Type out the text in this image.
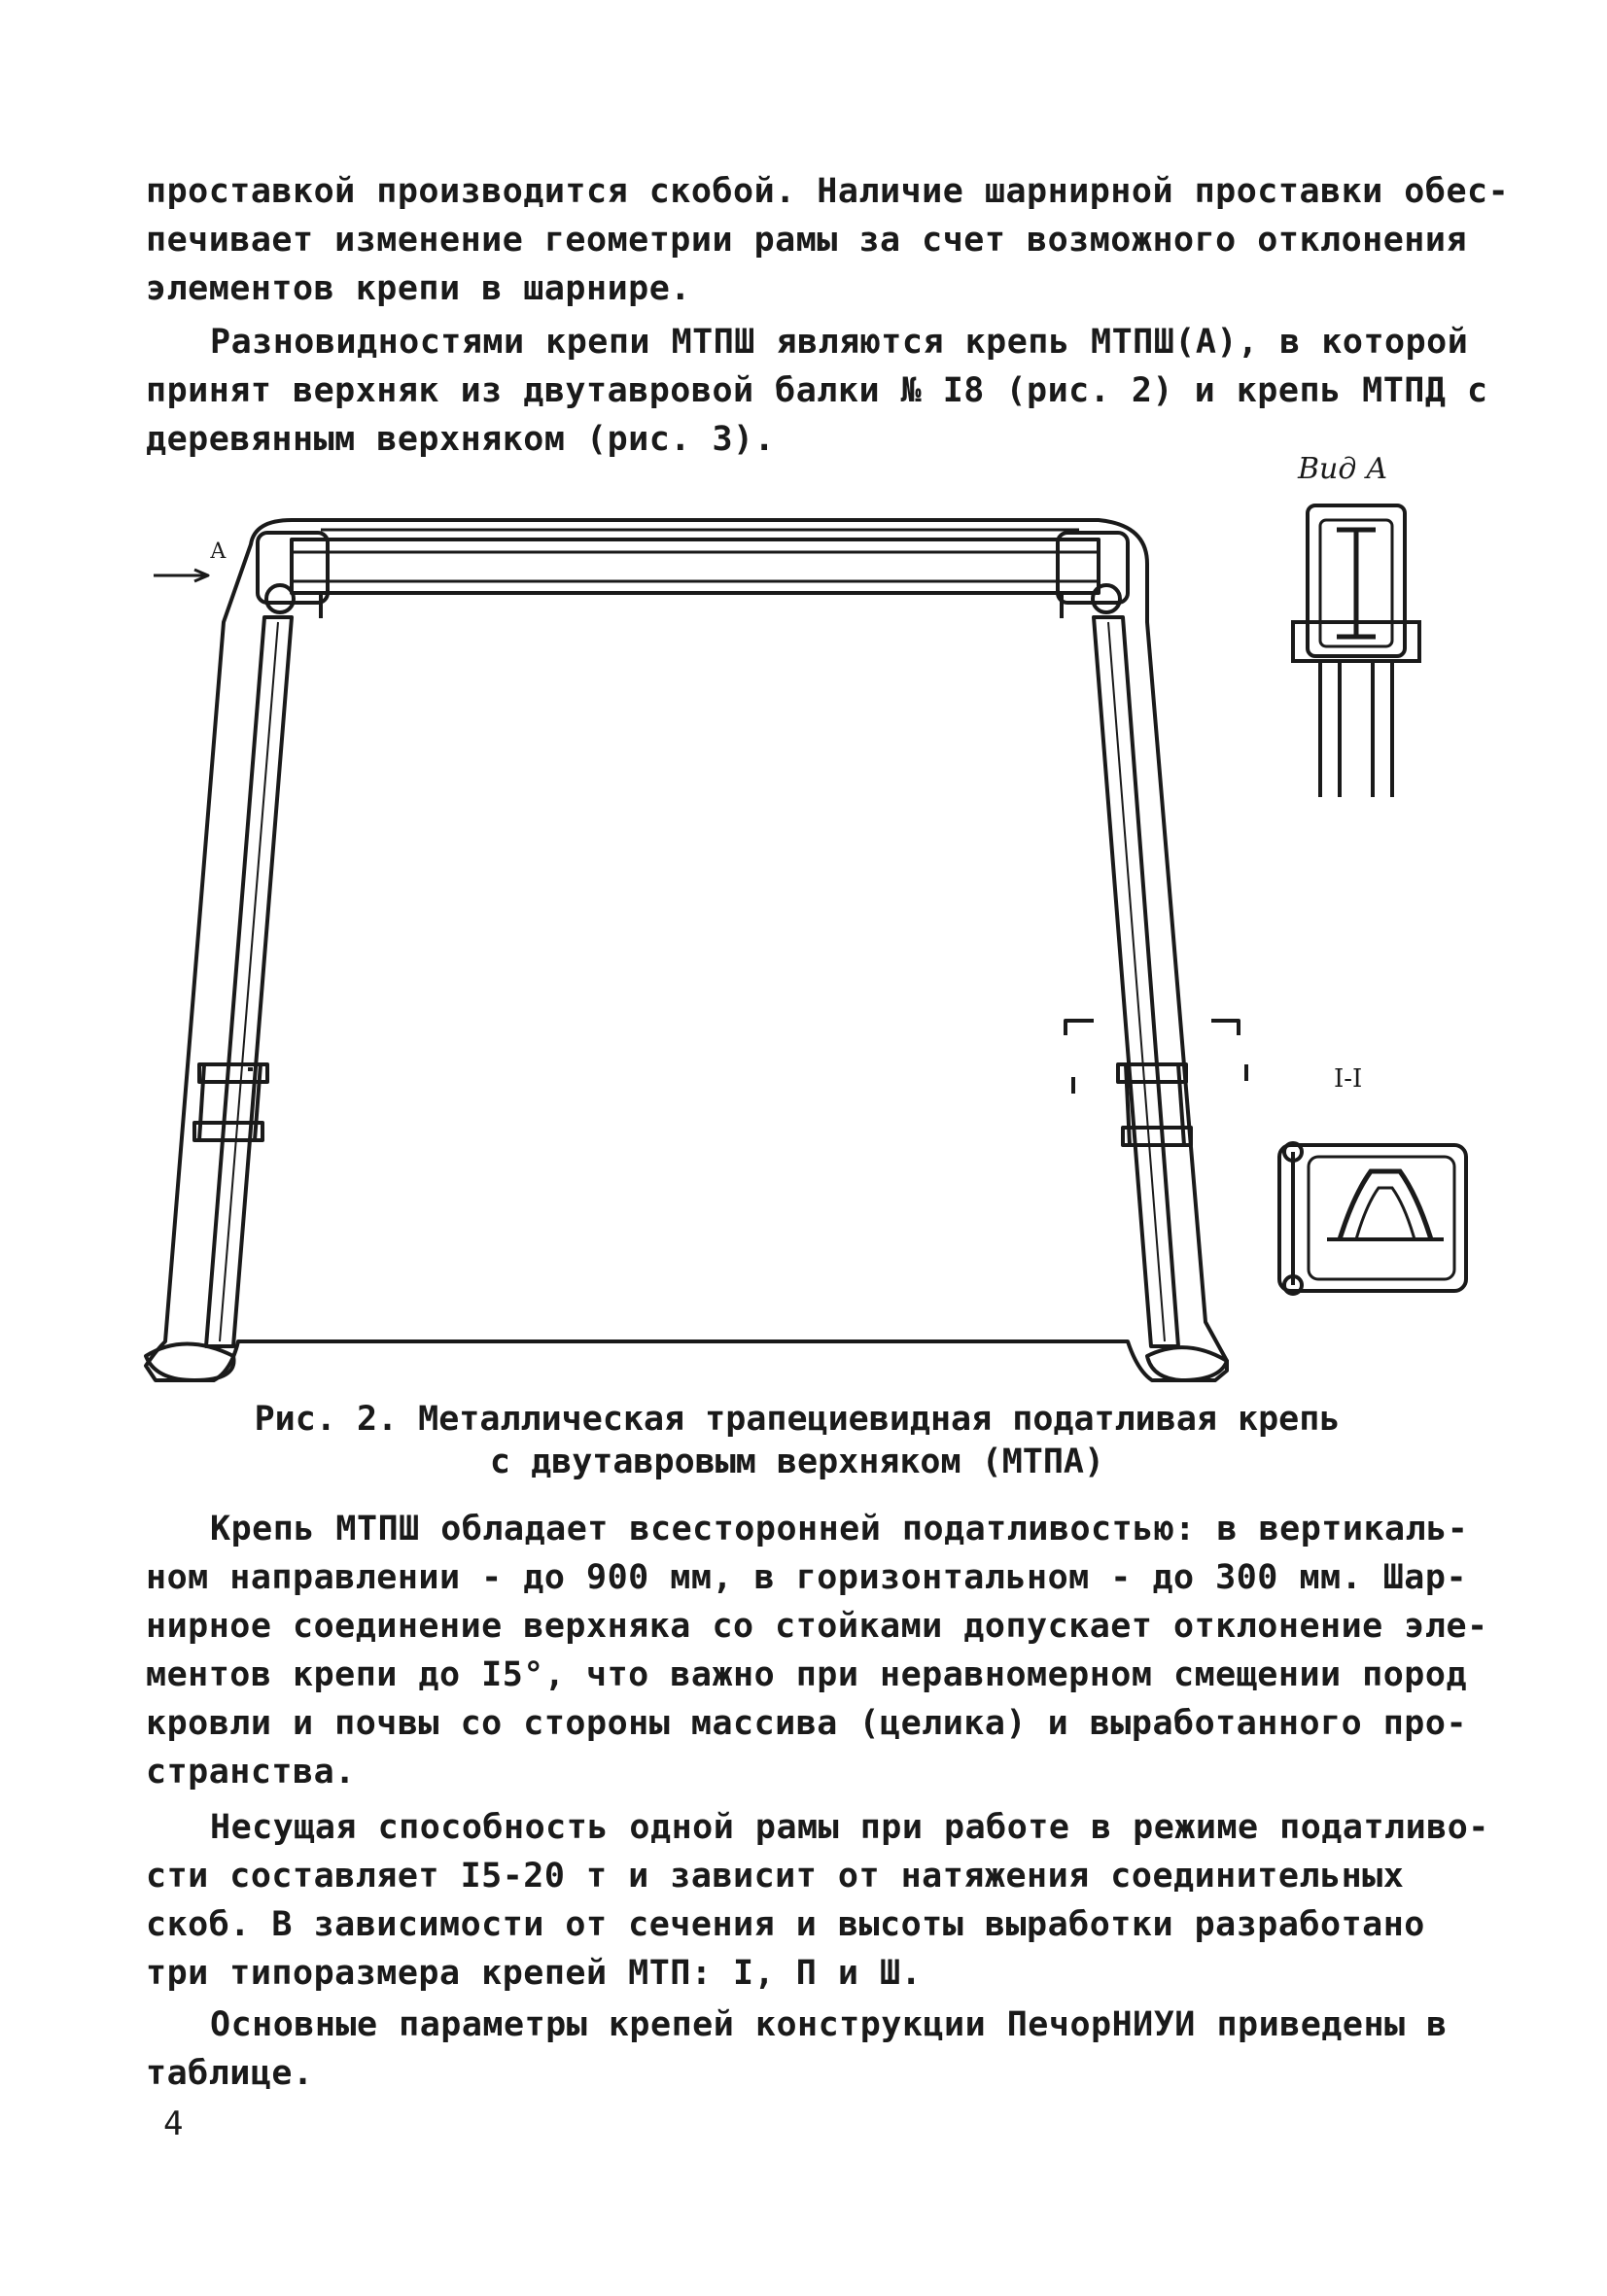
проставкой производится скобой. Наличие шарнирной проставки обес-
печивает изменение геометрии рамы за счет возможного отклонения
элементов крепи в шарнире.
Разновидностями крепи МТПШ являются крепь МТПШ(А), в которой
принят верхняк из двутавровой балки № I8 (рис. 2) и крепь МТПД с
деревянным верхняком (рис. 3).
Вид А
А
I-I
Рис. 2. Металлическая трапециевидная податливая крепь
с двутавровым верхняком (МТПА)
Крепь МТПШ обладает всесторонней податливостью: в вертикаль-
ном направлении - до 900 мм, в горизонтальном - до 300 мм. Шар-
нирное соединение верхняка со стойками допускает отклонение эле-
ментов крепи до I5°, что важно при неравномерном смещении пород
кровли и почвы со стороны массива (целика) и выработанного про-
странства.
Несущая способность одной рамы при работе в режиме податливо-
сти составляет I5-20 т и зависит от натяжения соединительных
скоб. В зависимости от сечения и высоты выработки разработано
три типоразмера крепей МТП: I, П и Ш.
Основные параметры крепей конструкции ПечорНИУИ приведены в
таблице.
4
